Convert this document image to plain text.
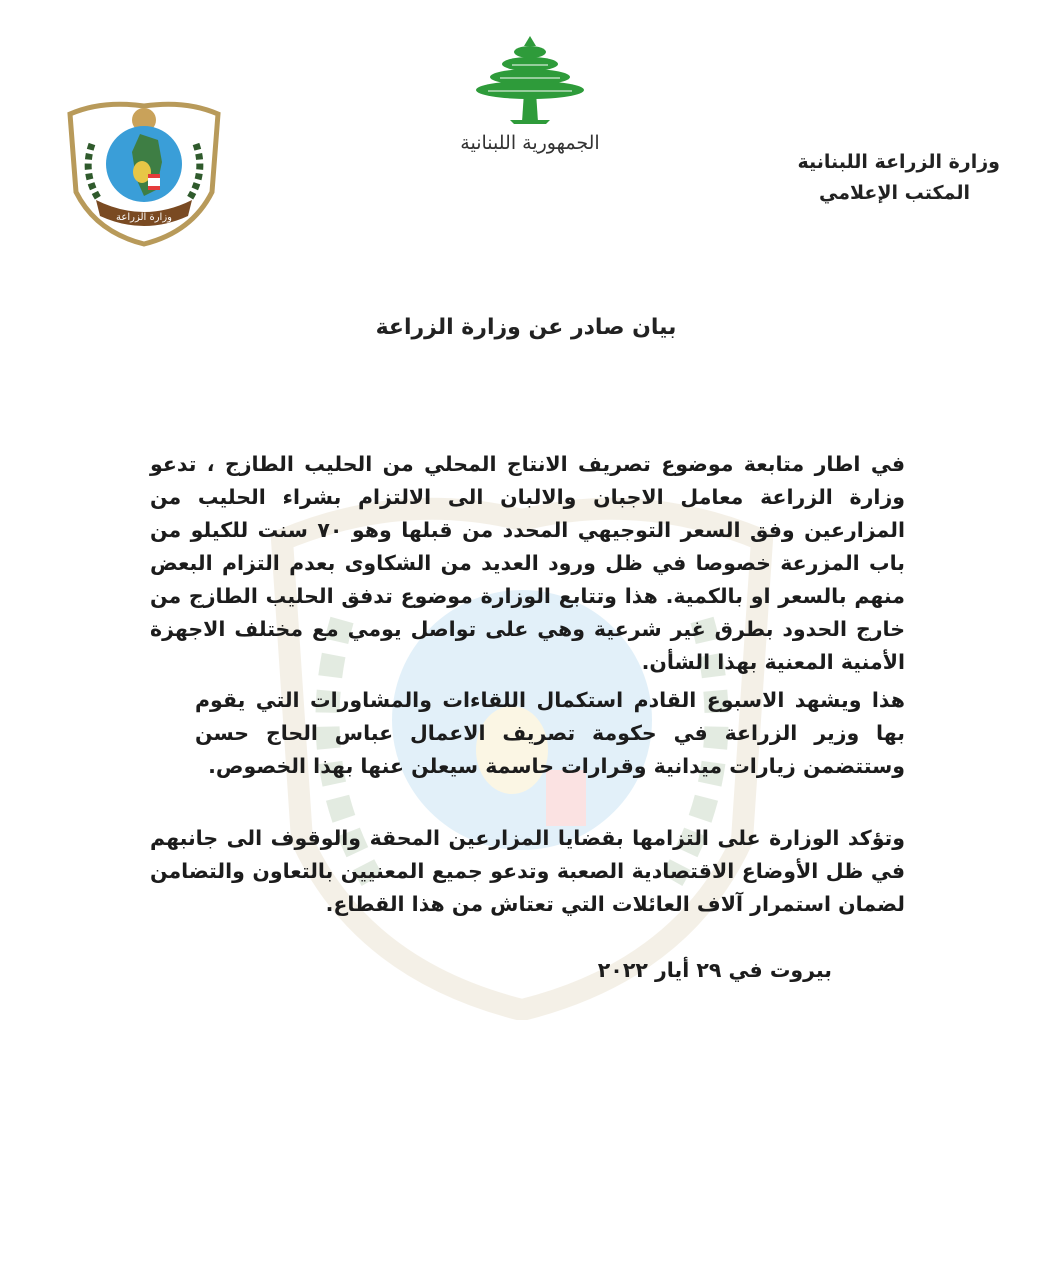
وزارة الزراعة
الجمهورية اللبنانية
وزارة الزراعة اللبنانية
المكتب الإعلامي
بيان صادر عن وزارة الزراعة
في اطار متابعة موضوع تصريف الانتاج المحلي من الحليب الطازج ، تدعو وزارة الزراعة معامل الاجبان والالبان الى الالتزام بشراء الحليب من المزارعين وفق السعر التوجيهي المحدد من قبلها وهو ٧٠ سنت للكيلو من باب المزرعة خصوصا في ظل ورود العديد من الشكاوى بعدم التزام البعض منهم بالسعر او بالكمية. هذا وتتابع الوزارة موضوع تدفق الحليب الطازج من خارج الحدود بطرق غير شرعية وهي على تواصل يومي مع مختلف الاجهزة الأمنية المعنية بهذا الشأن.
هذا ويشهد الاسبوع القادم استكمال اللقاءات والمشاورات التي يقوم بها وزير الزراعة في حكومة تصريف الاعمال عباس الحاج حسن وستتضمن زيارات ميدانية وقرارات حاسمة سيعلن عنها بهذا الخصوص.
وتؤكد الوزارة على التزامها بقضايا المزارعين المحقة والوقوف الى جانبهم في ظل الأوضاع الاقتصادية الصعبة وتدعو جميع المعنيين بالتعاون والتضامن لضمان استمرار آلاف العائلات التي تعتاش من هذا القطاع.
بيروت في ٢٩ أيار ٢٠٢٢
